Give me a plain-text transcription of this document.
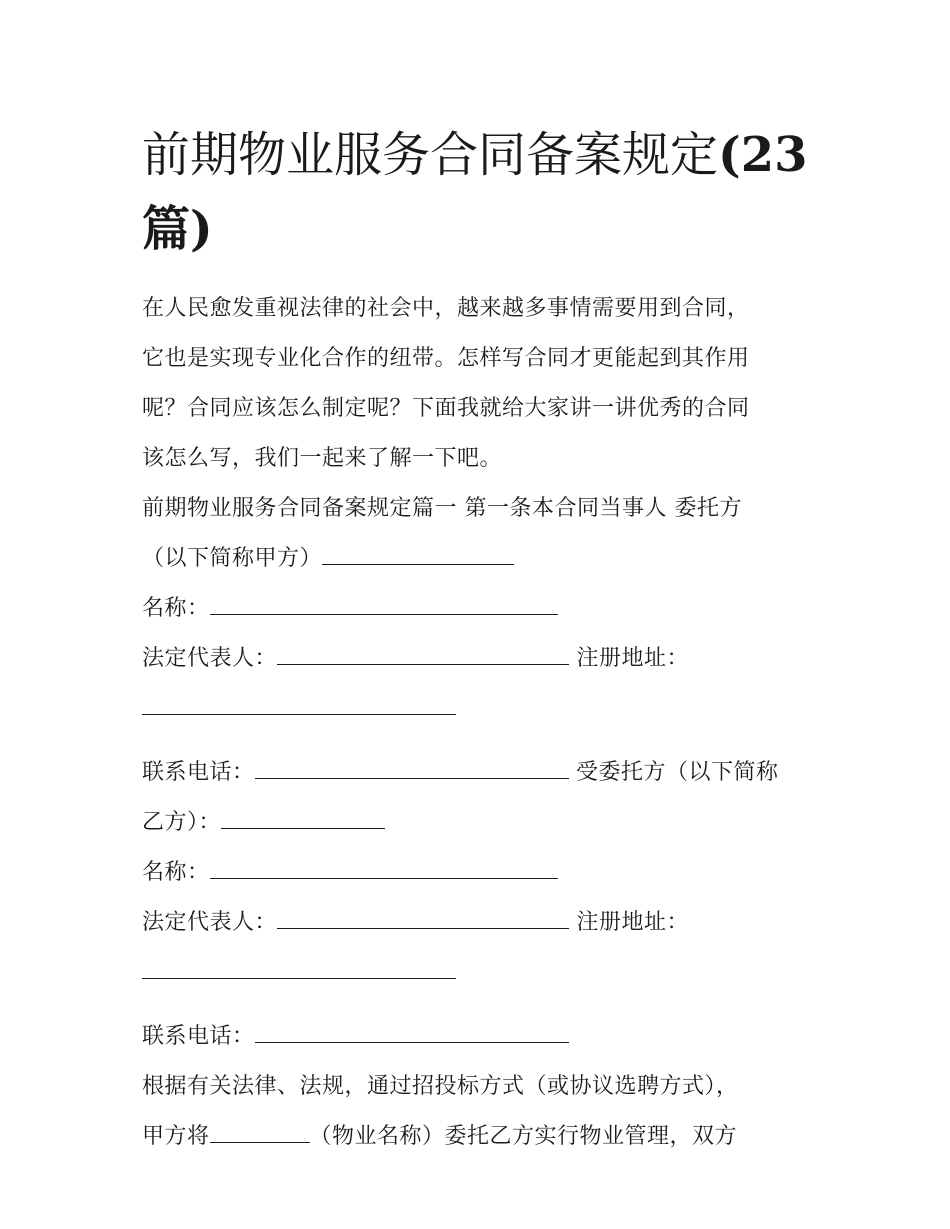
前期物业服务合同备案规定(23
篇)

在人民愈发重视法律的社会中，越来越多事情需要用到合同，

它也是实现专业化合作的纽带。怎样写合同才更能起到其作用

呢？合同应该怎么制定呢？下面我就给大家讲一讲优秀的合同

该怎么写，我们一起来了解一下吧。

前期物业服务合同备案规定篇一 第一条本合同当事人 委托方

（以下简称甲方）

名称：

法定代表人：	注册地址：

联系电话：	受委托方（以下简称

乙方）：

名称：

法定代表人：	注册地址：

联系电话：

根据有关法律、法规，通过招投标方式（或协议选聘方式），

甲方将	（物业名称）委托乙方实行物业管理，双方
